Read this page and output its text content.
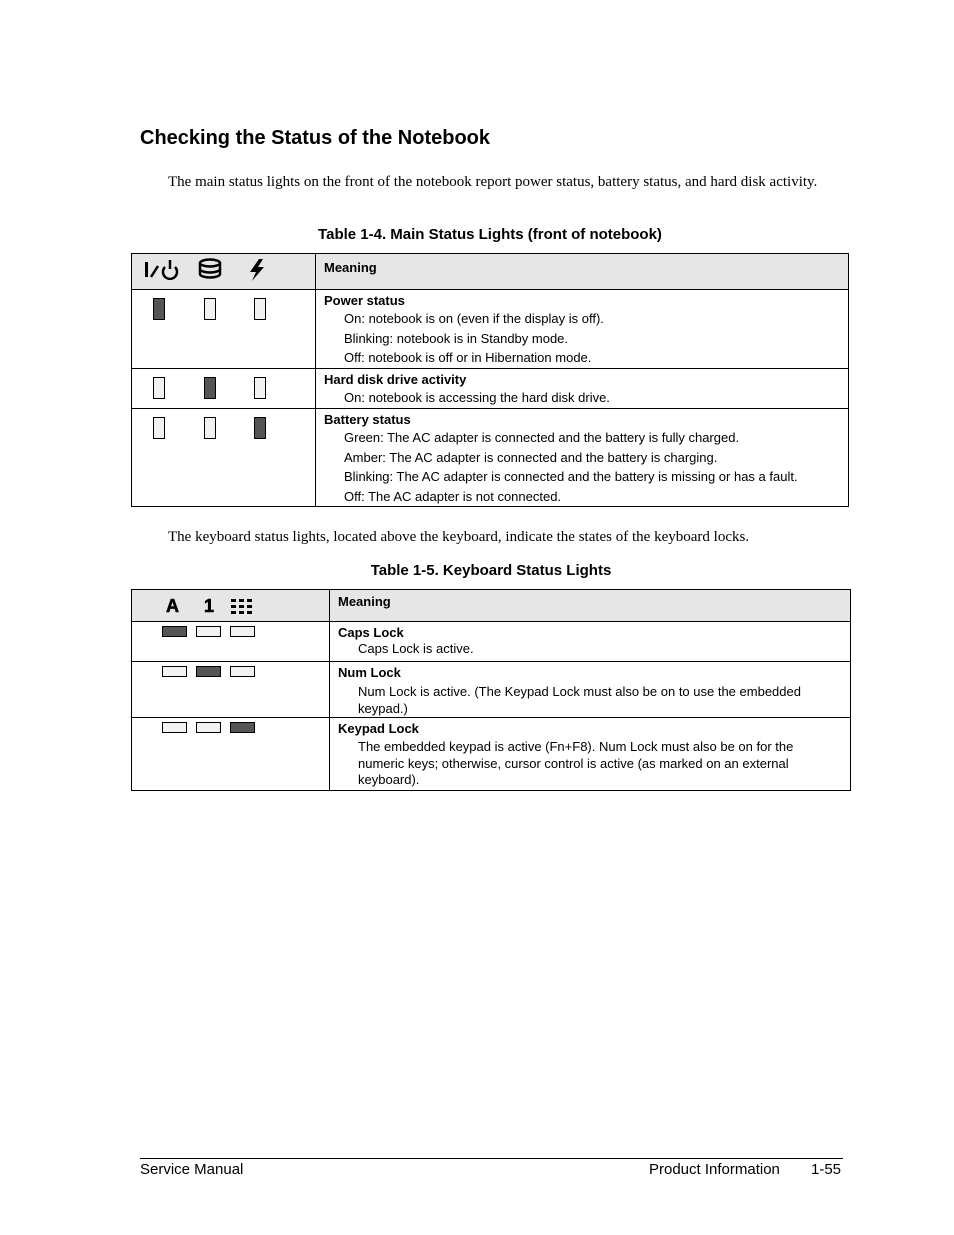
Checking the Status of the Notebook

The main status lights on the front of the notebook report power status, battery status, and hard disk activity.

Table 1-4. Main Status Lights (front of notebook)

	Meaning

	Power status
On: notebook is on (even if the display is off).
Blinking: notebook is in Standby mode.
Off: notebook is off or in Hibernation mode.

	Hard disk drive activity
On: notebook is accessing the hard disk drive.

	Battery status
Green: The AC adapter is connected and the battery is fully charged.
Amber: The AC adapter is connected and the battery is charging.
Blinking: The AC adapter is connected and the battery is missing or has a fault.
Off: The AC adapter is not connected.

The keyboard status lights, located above the keyboard, indicate the states of the keyboard locks.

Table 1-5. Keyboard Status Lights

A 1	Meaning

	Caps Lock
Caps Lock is active.

	Num Lock
Num Lock is active. (The Keypad Lock must also be on to use the embedded keypad.)

	Keypad Lock
The embedded keypad is active (Fn+F8). Num Lock must also be on for the numeric keys; otherwise, cursor control is active (as marked on an external keyboard).

Service Manual	Product Information 1-55
